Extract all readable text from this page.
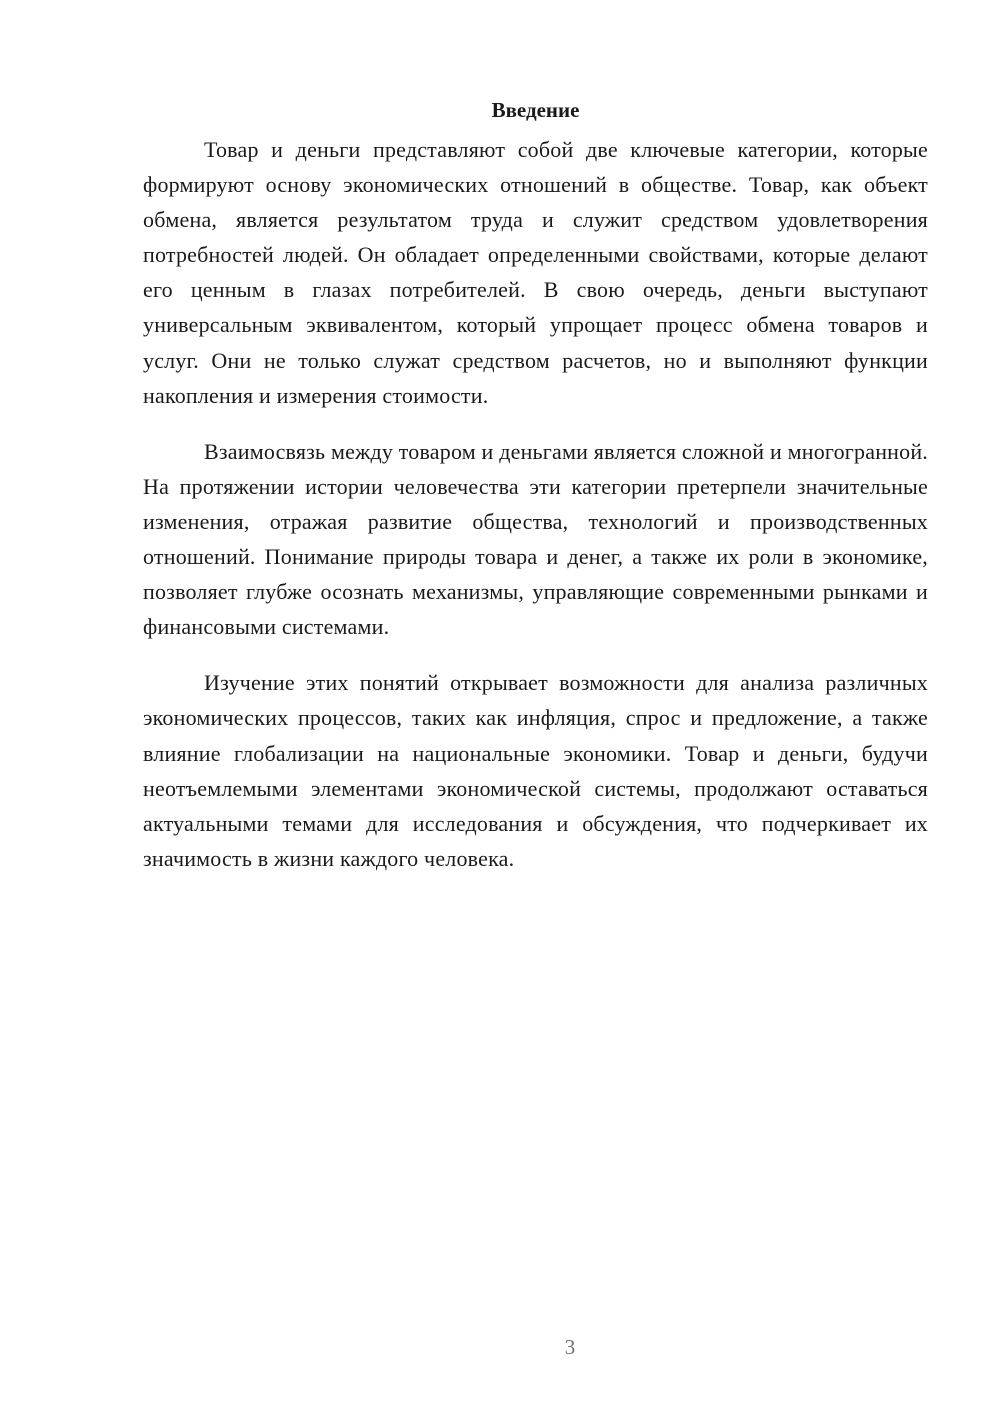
Введение

Товар и деньги представляют собой две ключевые категории, которые формируют основу экономических отношений в обществе. Товар, как объект обмена, является результатом труда и служит средством удовлетворения потребностей людей. Он обладает определенными свойствами, которые делают его ценным в глазах потребителей. В свою очередь, деньги выступают универсальным эквивалентом, который упрощает процесс обмена товаров и услуг. Они не только служат средством расчетов, но и выполняют функции накопления и измерения стоимости.

Взаимосвязь между товаром и деньгами является сложной и многогранной. На протяжении истории человечества эти категории претерпели значительные изменения, отражая развитие общества, технологий и производственных отношений. Понимание природы товара и денег, а также их роли в экономике, позволяет глубже осознать механизмы, управляющие современными рынками и финансовыми системами.

Изучение этих понятий открывает возможности для анализа различных экономических процессов, таких как инфляция, спрос и предложение, а также влияние глобализации на национальные экономики. Товар и деньги, будучи неотъемлемыми элементами экономической системы, продолжают оставаться актуальными темами для исследования и обсуждения, что подчеркивает их значимость в жизни каждого человека.

3
